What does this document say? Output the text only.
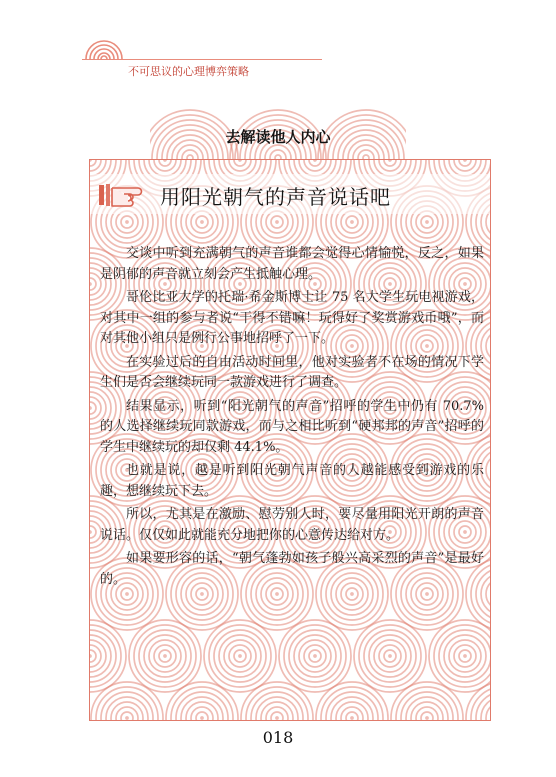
不可思议的心理博弈策略
去解读他人内心
用阳光朝气的声音说话吧

交谈中听到充满朝气的声音谁都会觉得心情愉悦，反之，如果是阴郁的声音就立刻会产生抵触心理。

哥伦比亚大学的托瑞·希金斯博士让 75 名大学生玩电视游戏，对其中一组的参与者说“干得不错嘛！玩得好了奖赏游戏币哦”，而对其他小组只是例行公事地招呼了一下。

在实验过后的自由活动时间里，他对实验者不在场的情况下学生们是否会继续玩同一款游戏进行了调查。

结果显示，听到“阳光朝气的声音”招呼的学生中仍有 70.7% 的人选择继续玩同款游戏，而与之相比听到“硬邦邦的声音”招呼的学生中继续玩的却仅剩 44.1%。

也就是说，越是听到阳光朝气声音的人越能感受到游戏的乐趣，想继续玩下去。

所以，尤其是在激励、慰劳别人时，要尽量用阳光开朗的声音说话。仅仅如此就能充分地把你的心意传达给对方。

如果要形容的话，“朝气蓬勃如孩子般兴高采烈的声音”是最好的。

018
